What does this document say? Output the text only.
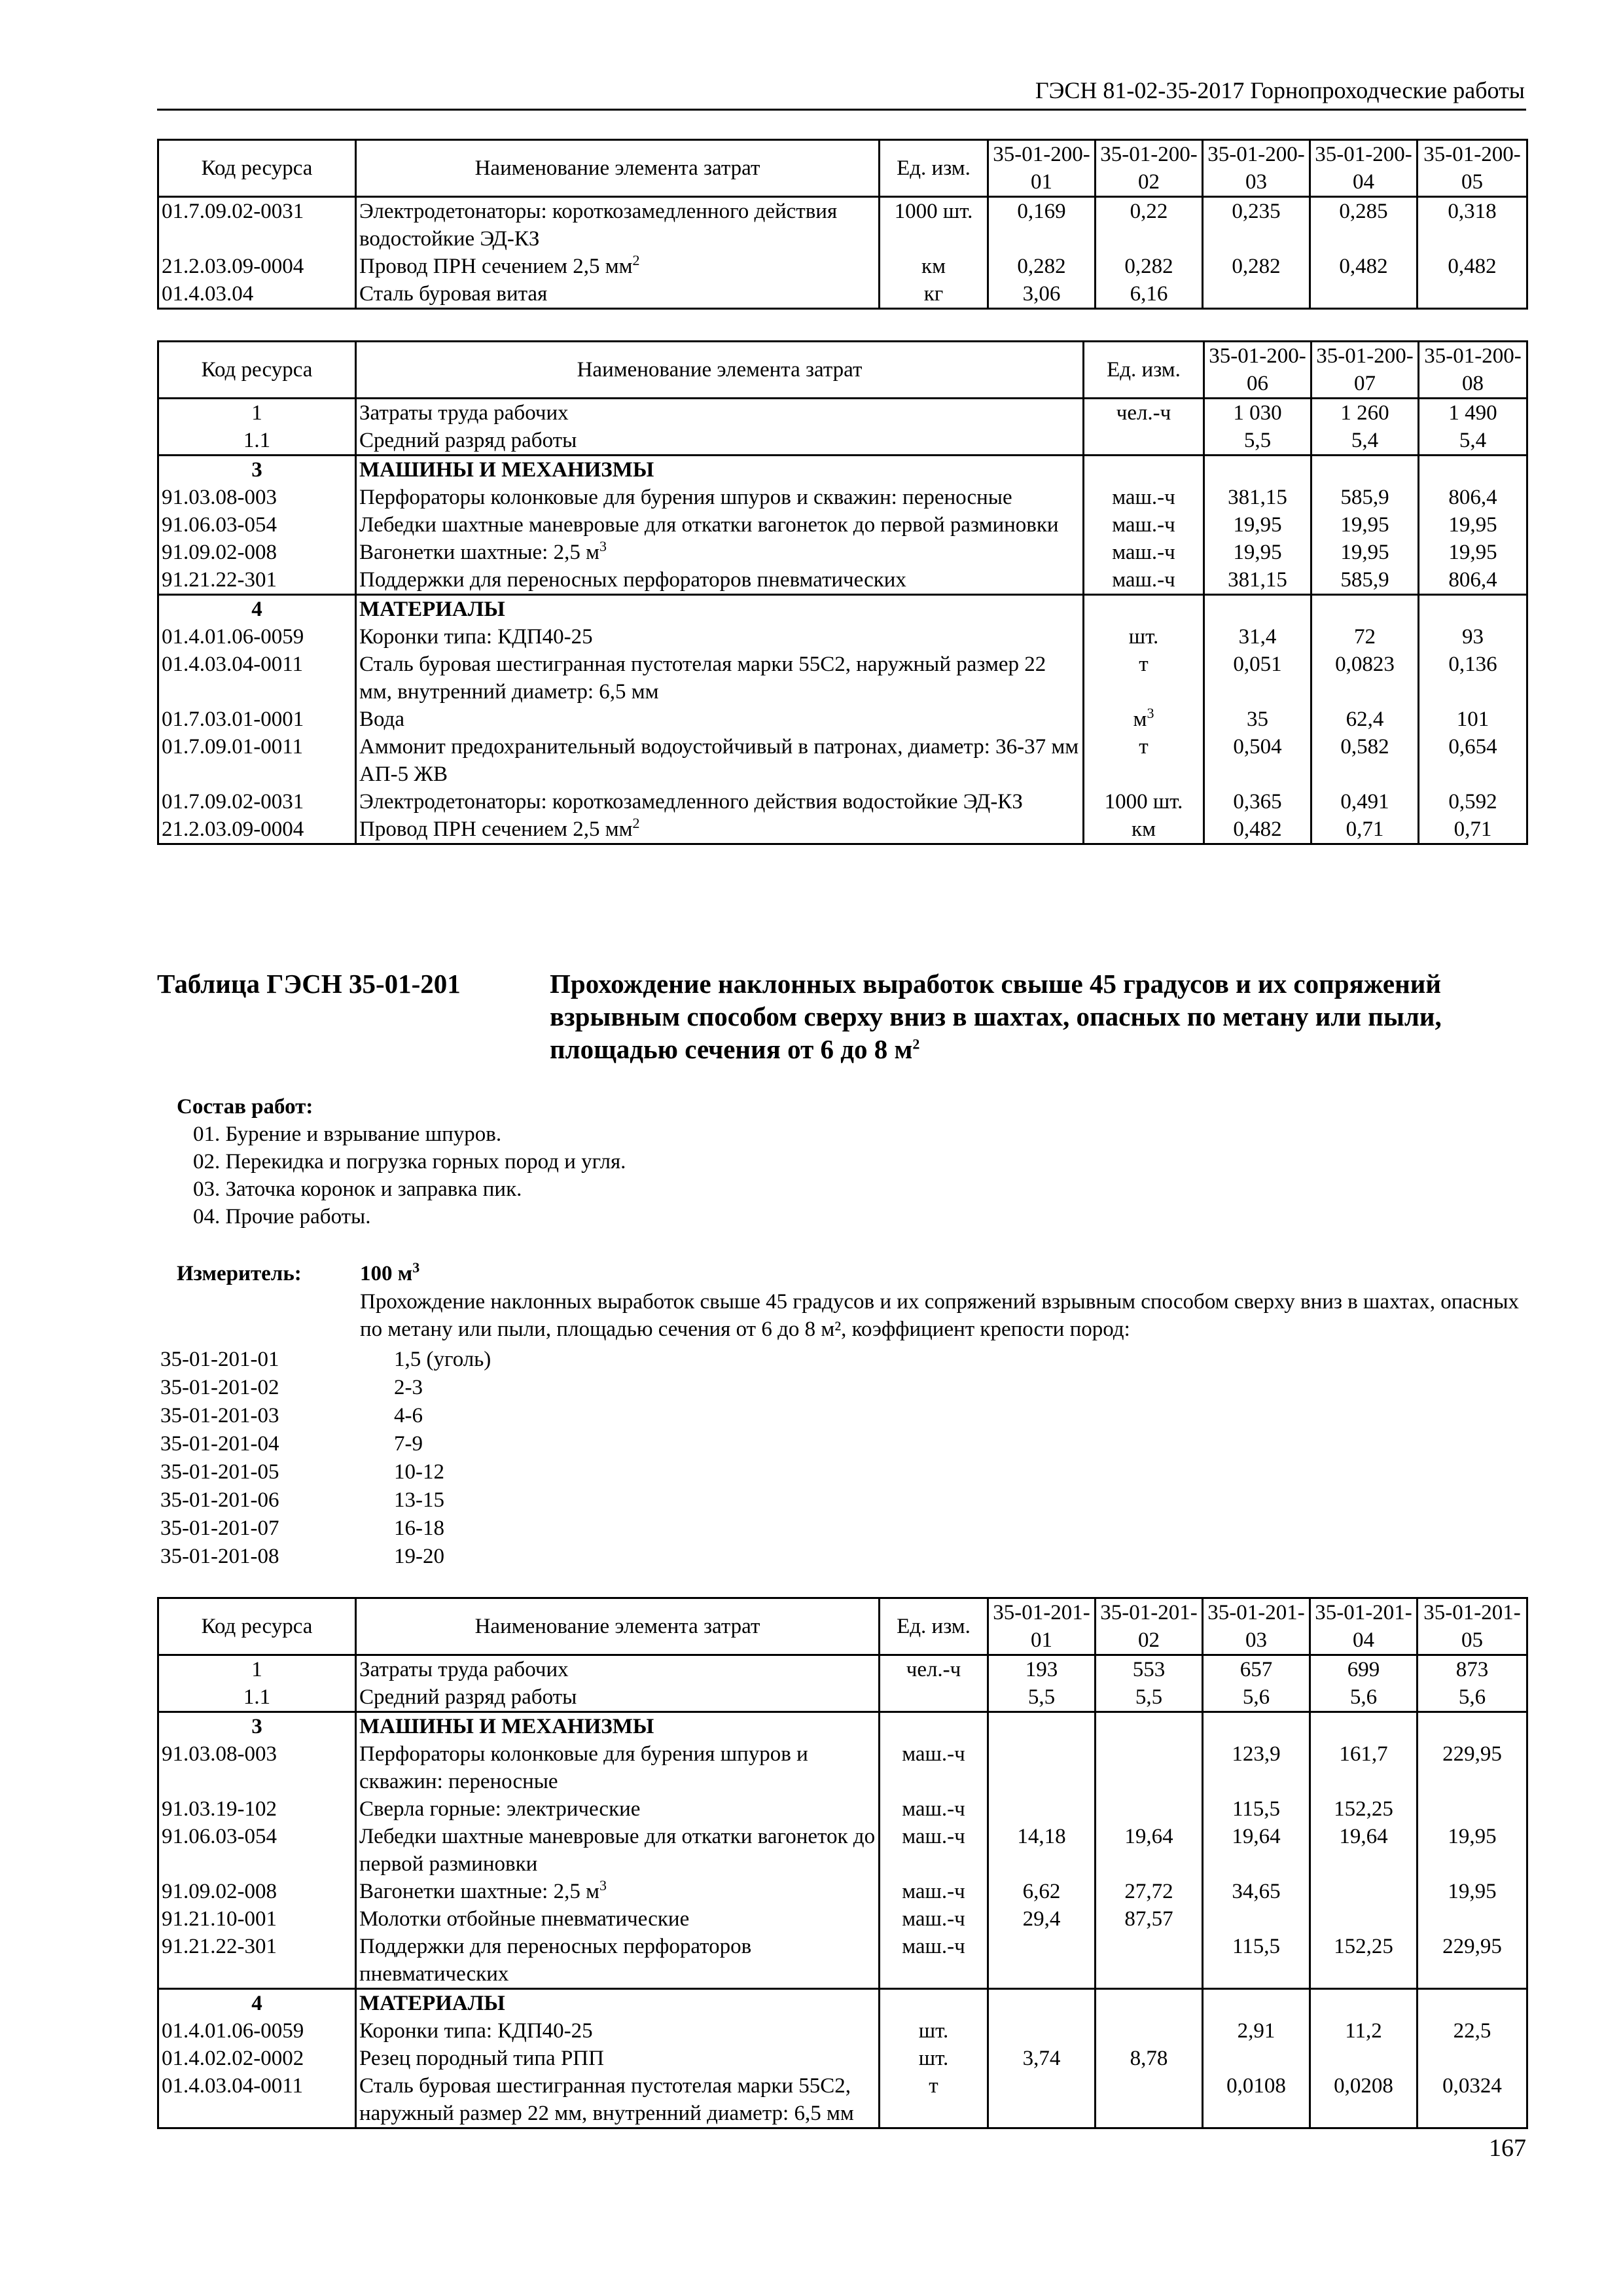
ГЭСН 81-02-35-2017 Горнопроходческие работы
Код ресурса	Наименование элемента затрат	Ед. изм.	35-01-200-01	35-01-200-02	35-01-200-03	35-01-200-04	35-01-200-05
01.7.09.02-0031	Электродетонаторы: короткозамедленного действия водостойкие ЭД-КЗ	1000 шт.	0,169	0,22	0,235	0,285	0,318
21.2.03.09-0004	Провод ПРН сечением 2,5 $мм^2$	км	0,282	0,282	0,282	0,482	0,482
01.4.03.04	Сталь буровая витая	кг	3,06	6,16			
Код ресурса	Наименование элемента затрат	Ед. изм.	35-01-200-06	35-01-200-07	35-01-200-08
1	Затраты труда рабочих	чел.-ч	1 030	1 260	1 490
1.1	Средний разряд работы		5,5	5,4	5,4
3	МАШИНЫ И МЕХАНИЗМЫ				
91.03.08-003	Перфораторы колонковые для бурения шпуров и скважин: переносные	маш.-ч	381,15	585,9	806,4
91.06.03-054	Лебедки шахтные маневровые для откатки вагонеток до первой разминовки	маш.-ч	19,95	19,95	19,95
91.09.02-008	Вагонетки шахтные: 2,5 $м^3$	маш.-ч	19,95	19,95	19,95
91.21.22-301	Поддержки для переносных перфораторов пневматических	маш.-ч	381,15	585,9	806,4
4	МАТЕРИАЛЫ				
01.4.01.06-0059	Коронки типа: КДП40-25	шт.	31,4	72	93
01.4.03.04-0011	Сталь буровая шестигранная пустотелая марки 55С2, наружный размер 22 мм, внутренний диаметр: 6,5 мм	т	0,051	0,0823	0,136
01.7.03.01-0001	Вода	$м^3$	35	62,4	101
01.7.09.01-0011	Аммонит предохранительный водоустойчивый в патронах, диаметр: 36-37 мм АП-5 ЖВ	т	0,504	0,582	0,654
01.7.09.02-0031	Электродетонаторы: короткозамедленного действия водостойкие ЭД-КЗ	1000 шт.	0,365	0,491	0,592
21.2.03.09-0004	Провод ПРН сечением 2,5 $мм^2$	км	0,482	0,71	0,71
Таблица ГЭСН 35-01-201	Прохождение наклонных выработок свыше 45 градусов и их сопряжений взрывным способом сверху вниз в шахтах, опасных по метану или пыли, площадью сечения от 6 до 8 $м^2$
Состав работ:
01. Бурение и взрывание шпуров.
02. Перекидка и погрузка горных пород и угля.
03. Заточка коронок и заправка пик.
04. Прочие работы.
Измеритель:	100 $м^3$
Прохождение наклонных выработок свыше 45 градусов и их сопряжений взрывным способом сверху вниз в шахтах, опасных по метану или пыли, площадью сечения от 6 до 8 м², коэффициент крепости пород:
35-01-201-01	1,5 (уголь)
35-01-201-02	2-3
35-01-201-03	4-6
35-01-201-04	7-9
35-01-201-05	10-12
35-01-201-06	13-15
35-01-201-07	16-18
35-01-201-08	19-20
Код ресурса	Наименование элемента затрат	Ед. изм.	35-01-201-01	35-01-201-02	35-01-201-03	35-01-201-04	35-01-201-05
1	Затраты труда рабочих	чел.-ч	193	553	657	699	873
1.1	Средний разряд работы		5,5	5,5	5,6	5,6	5,6
3	МАШИНЫ И МЕХАНИЗМЫ						
91.03.08-003	Перфораторы колонковые для бурения шпуров и скважин: переносные	маш.-ч			123,9	161,7	229,95
91.03.19-102	Сверла горные: электрические	маш.-ч			115,5	152,25	
91.06.03-054	Лебедки шахтные маневровые для откатки вагонеток до первой разминовки	маш.-ч	14,18	19,64	19,64	19,64	19,95
91.09.02-008	Вагонетки шахтные: 2,5 $м^3$	маш.-ч	6,62	27,72	34,65		19,95
91.21.10-001	Молотки отбойные пневматические	маш.-ч	29,4	87,57			
91.21.22-301	Поддержки для переносных перфораторов пневматических	маш.-ч			115,5	152,25	229,95
4	МАТЕРИАЛЫ						
01.4.01.06-0059	Коронки типа: КДП40-25	шт.			2,91	11,2	22,5
01.4.02.02-0002	Резец породный типа РПП	шт.	3,74	8,78			
01.4.03.04-0011	Сталь буровая шестигранная пустотелая марки 55С2, наружный размер 22 мм, внутренний диаметр: 6,5 мм	т			0,0108	0,0208	0,0324
167
